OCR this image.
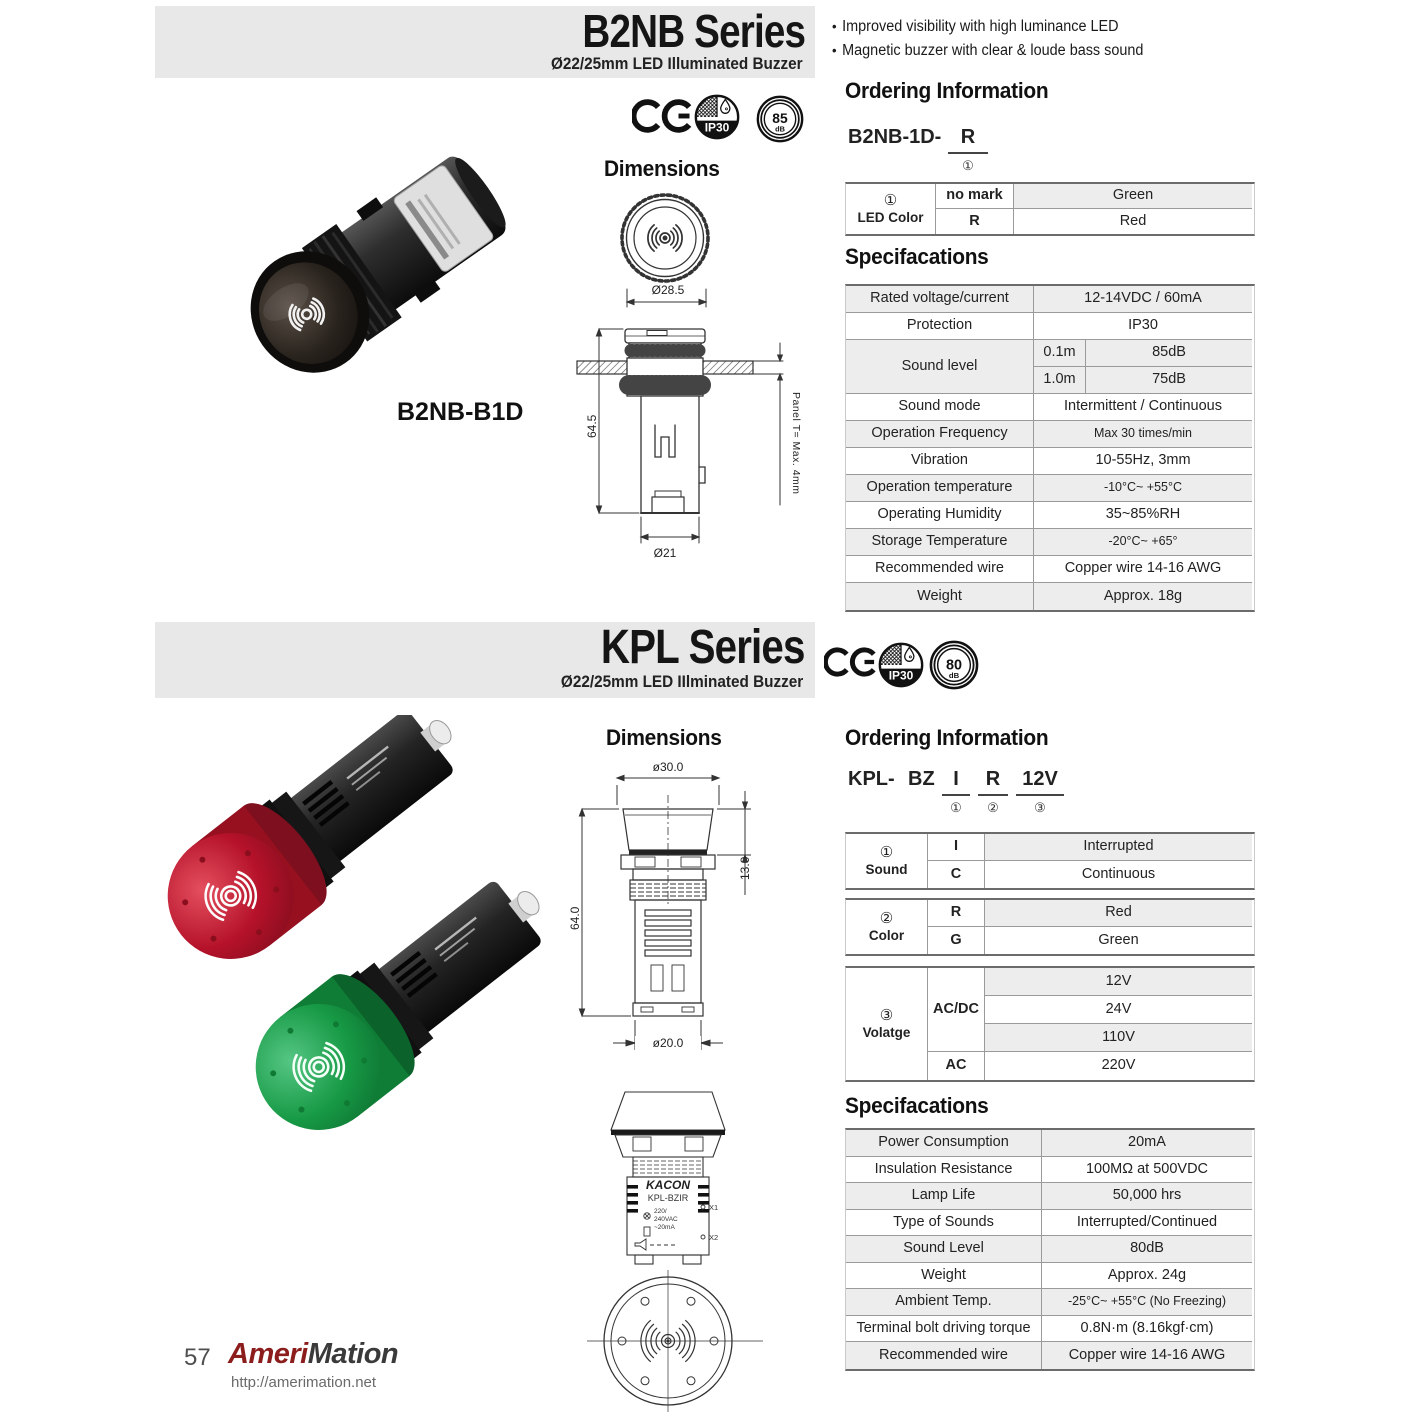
B2NB Series
Ø22/25mm LED Illuminated Buzzer
• Improved visibility with high luminance LED
• Magnetic buzzer with clear & loude bass sound
Ordering Information
IP30
85
dB	B2NB-1D- R
①
①
LED Color
no mark	Green
R	Red
Specifacations
Rated voltage/current	12-14VDC / 60mA
Protection	IP30
Sound level
0.1m	85dB
1.0m	75dB
Sound mode	Intermittent / Continuous
Operation Frequency	Max 30 times/min
Vibration	10-55Hz, 3mm
Operation temperature	-10°C~ +55°C
Operating Humidity	35~85%RH
Storage Temperature	-20°C~ +65°
Recommended wire	Copper wire 14-16 AWG
Weight	Approx. 18g
B2NB-B1D
Dimensions
Ø28.5
64.5
Ø21
Panel T= Max. 4mm
KPL Series
Ø22/25mm LED IIlminated Buzzer	IP30
80
dB
Dimensions	Ordering Information
KPL- BZ I	R	12V
①	②	③
①
Sound
I	Interrupted
C	Continuous
②
Color
R	Red
G	Green
③
Volatge
AC/DC
12V
24V
110V
AC	220V
Specifacations
Power Consumption	20mA
Insulation Resistance	100MΩ at 500VDC
Lamp Life	50,000 hrs
Type of Sounds	Interrupted/Continued
Sound Level	80dB
Weight	Approx. 24g
Ambient Temp.	-25°C~ +55°C (No Freezing)
Terminal bolt driving torque	0.8N·m (8.16kgf·cm)
Recommended wire	Copper wire 14-16 AWG
ø30.0
64.0
13.0
ø20.0
KACON
KPL-BZIR
X1
X2
220/
240VAC
~20mA
57 AmeriMation
http://amerimation.net
